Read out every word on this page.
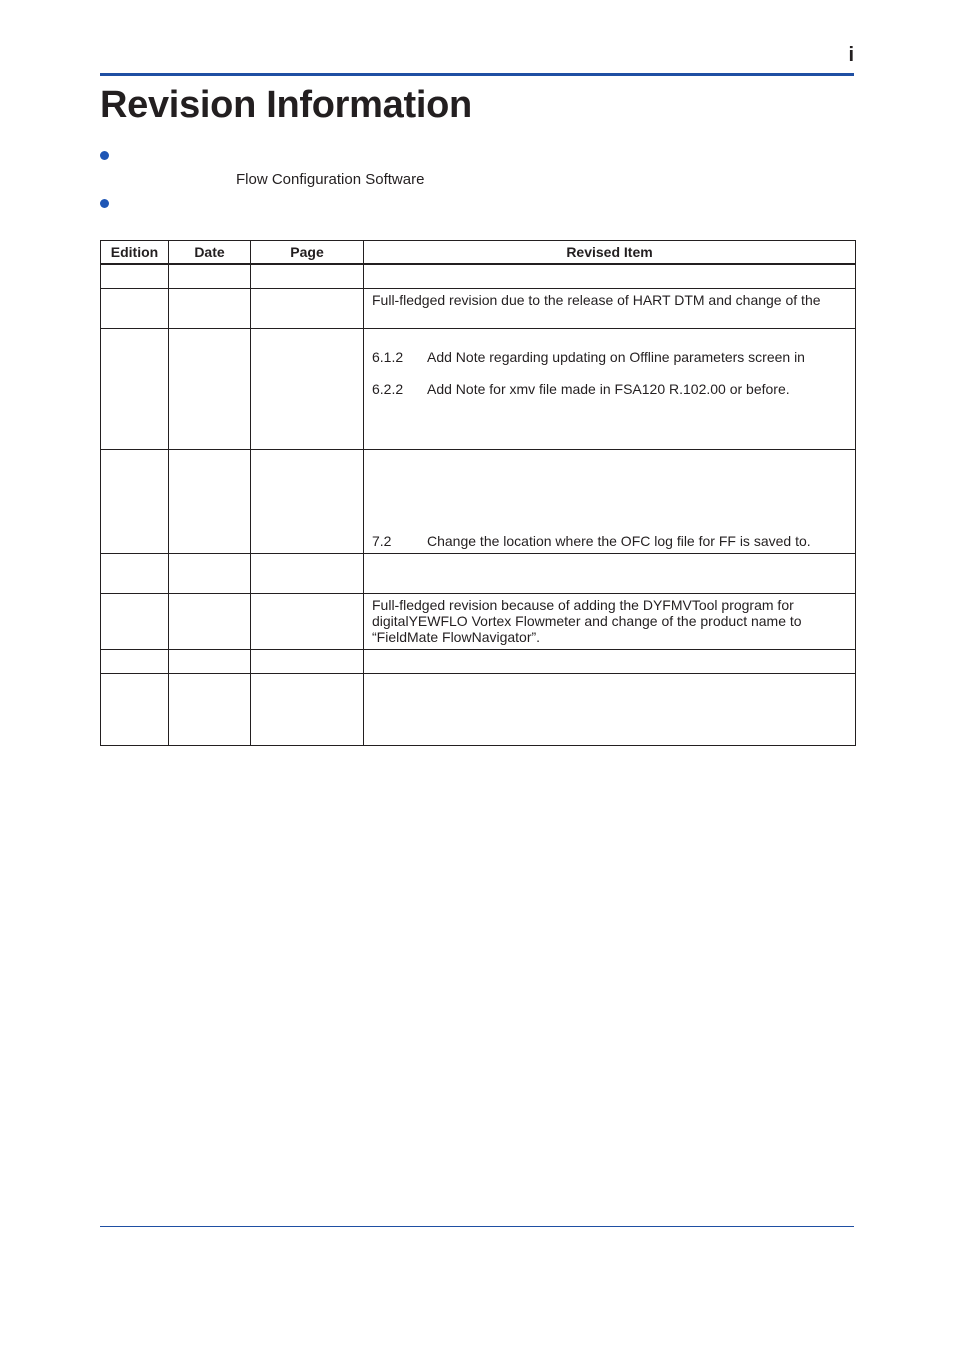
i
Revision Information
Flow Configuration Software
Edition	Date	Page	Revised Item

			Full-fledged revision due to the release of HART DTM and change of the

			6.1.2 Add Note regarding updating on Offline parameters screen in
6.2.2 Add Note for xmv file made in FSA120 R.102.00 or before.

			7.2 Change the location where the OFC log file for FF is saved to.

			Full-fledged revision because of adding the DYFMVTool program for digitalYEWFLO Vortex Flowmeter and change of the product name to “FieldMate FlowNavigator”.
